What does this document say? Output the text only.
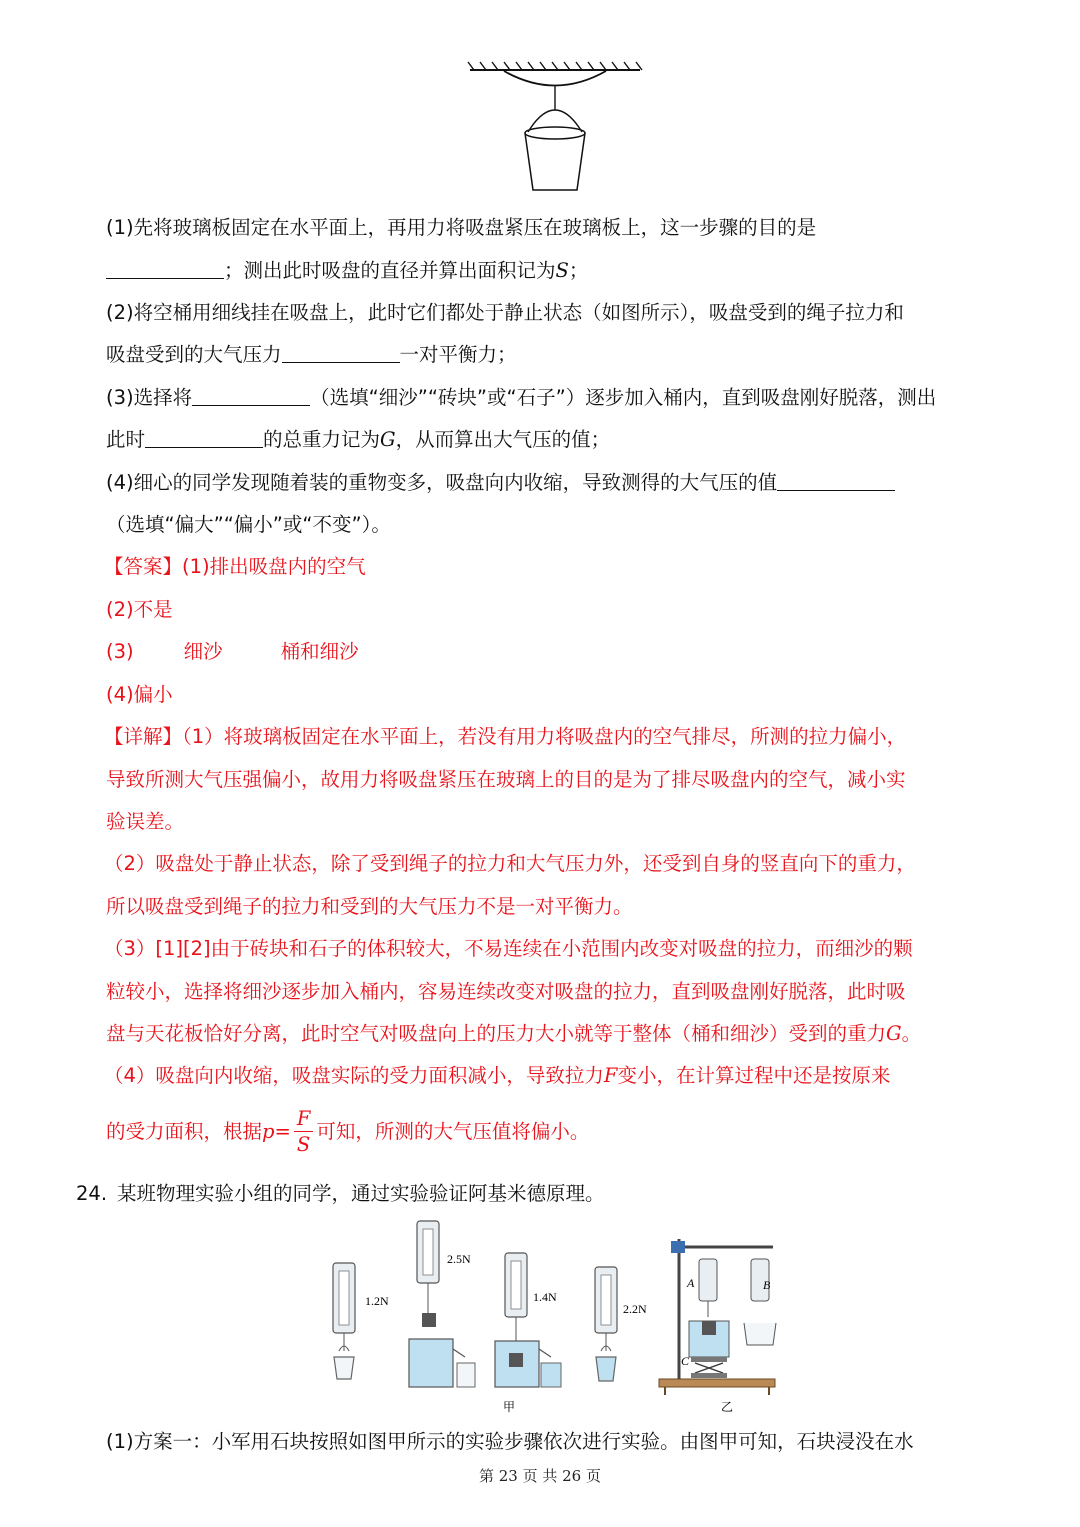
(1)先将玻璃板固定在水平面上，再用力将吸盘紧压在玻璃板上，这一步骤的目的是
；测出此时吸盘的直径并算出面积记为S；
(2)将空桶用细线挂在吸盘上，此时它们都处于静止状态（如图所示），吸盘受到的绳子拉力和
吸盘受到的大气压力	一对平衡力；
(3)选择将	（选填“细沙”“砖块”或“石子”）逐步加入桶内，直到吸盘刚好脱落，测出
此时	的总重力记为G，从而算出大气压的值；
(4)细心的同学发现随着装的重物变多，吸盘向内收缩，导致测得的大气压的值
（选填“偏大”“偏小”或“不变”）。
【答案】(1)排出吸盘内的空气
(2)不是
(3)	细沙	桶和细沙
(4)偏小
【详解】（1）将玻璃板固定在水平面上，若没有用力将吸盘内的空气排尽，所测的拉力偏小，
导致所测大气压强偏小，故用力将吸盘紧压在玻璃上的目的是为了排尽吸盘内的空气，减小实
验误差。
（2）吸盘处于静止状态，除了受到绳子的拉力和大气压力外，还受到自身的竖直向下的重力，
所以吸盘受到绳子的拉力和受到的大气压力不是一对平衡力。
（3）[1][2]由于砖块和石子的体积较大，不易连续在小范围内改变对吸盘的拉力，而细沙的颗
粒较小，选择将细沙逐步加入桶内，容易连续改变对吸盘的拉力，直到吸盘刚好脱落，此时吸
盘与天花板恰好分离，此时空气对吸盘向上的压力大小就等于整体（桶和细沙）受到的重力G。
（4）吸盘向内收缩，吸盘实际的受力面积减小，导致拉力F变小，在计算过程中还是按原来
的受力面积，根据$p= \frac{F}{S}$ 可知，所测的大气压值将偏小。
24. 某班物理实验小组的同学，通过实验验证阿基米德原理。
1.2N
2.5N
1.4N
2.2N
A	B
C
甲	乙
(1)方案一：小军用石块按照如图甲所示的实验步骤依次进行实验。由图甲可知，石块浸没在水
第 23 页 共 26 页
